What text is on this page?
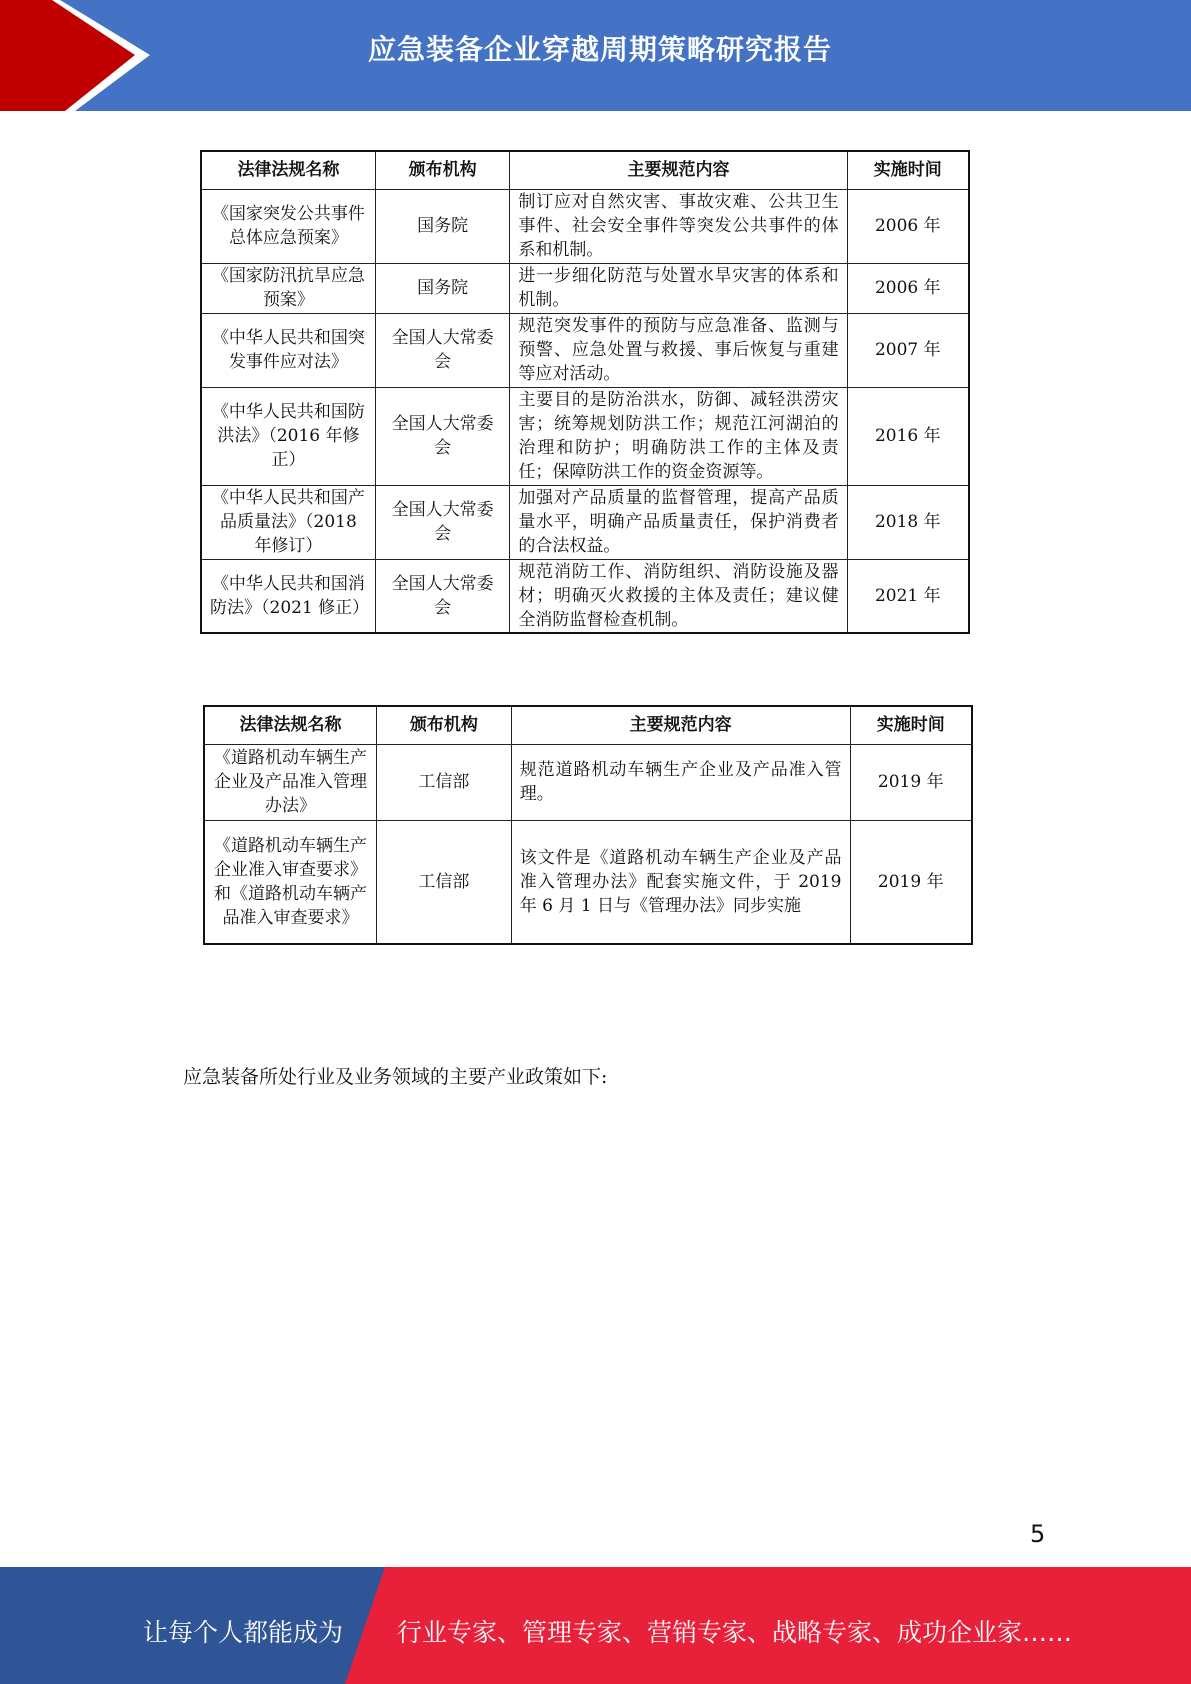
应急装备企业穿越周期策略研究报告
法律法规名称	颁布机构	主要规范内容	实施时间
《国家突发公共事件总体应急预案》	国务院	制订应对自然灾害、事故灾难、公共卫生事件、社会安全事件等突发公共事件的体系和机制。	2006 年
《国家防汛抗旱应急预案》	国务院	进一步细化防范与处置水旱灾害的体系和机制。	2006 年
《中华人民共和国突发事件应对法》	全国人大常委会	规范突发事件的预防与应急准备、监测与预警、应急处置与救援、事后恢复与重建等应对活动。	2007 年
《中华人民共和国防洪法》（2016 年修正）	全国人大常委会	主要目的是防治洪水，防御、减轻洪涝灾害；统筹规划防洪工作；规范江河湖泊的治理和防护；明确防洪工作的主体及责任；保障防洪工作的资金资源等。	2016 年
《中华人民共和国产品质量法》（2018 年修订）	全国人大常委会	加强对产品质量的监督管理，提高产品质量水平，明确产品质量责任，保护消费者的合法权益。	2018 年
《中华人民共和国消防法》（2021 修正）	全国人大常委会	规范消防工作、消防组织、消防设施及器材；明确灭火救援的主体及责任；建议健全消防监督检查机制。	2021 年
法律法规名称	颁布机构	主要规范内容	实施时间
《道路机动车辆生产企业及产品准入管理办法》	工信部	规范道路机动车辆生产企业及产品准入管理。	2019 年
《道路机动车辆生产企业准入审查要求》和《道路机动车辆产品准入审查要求》	工信部	该文件是《道路机动车辆生产企业及产品准入管理办法》配套实施文件，于 2019 年 6 月 1 日与《管理办法》同步实施	2019 年
应急装备所处行业及业务领域的主要产业政策如下:
5
让每个人都能成为 行业专家、管理专家、营销专家、战略专家、成功企业家……
